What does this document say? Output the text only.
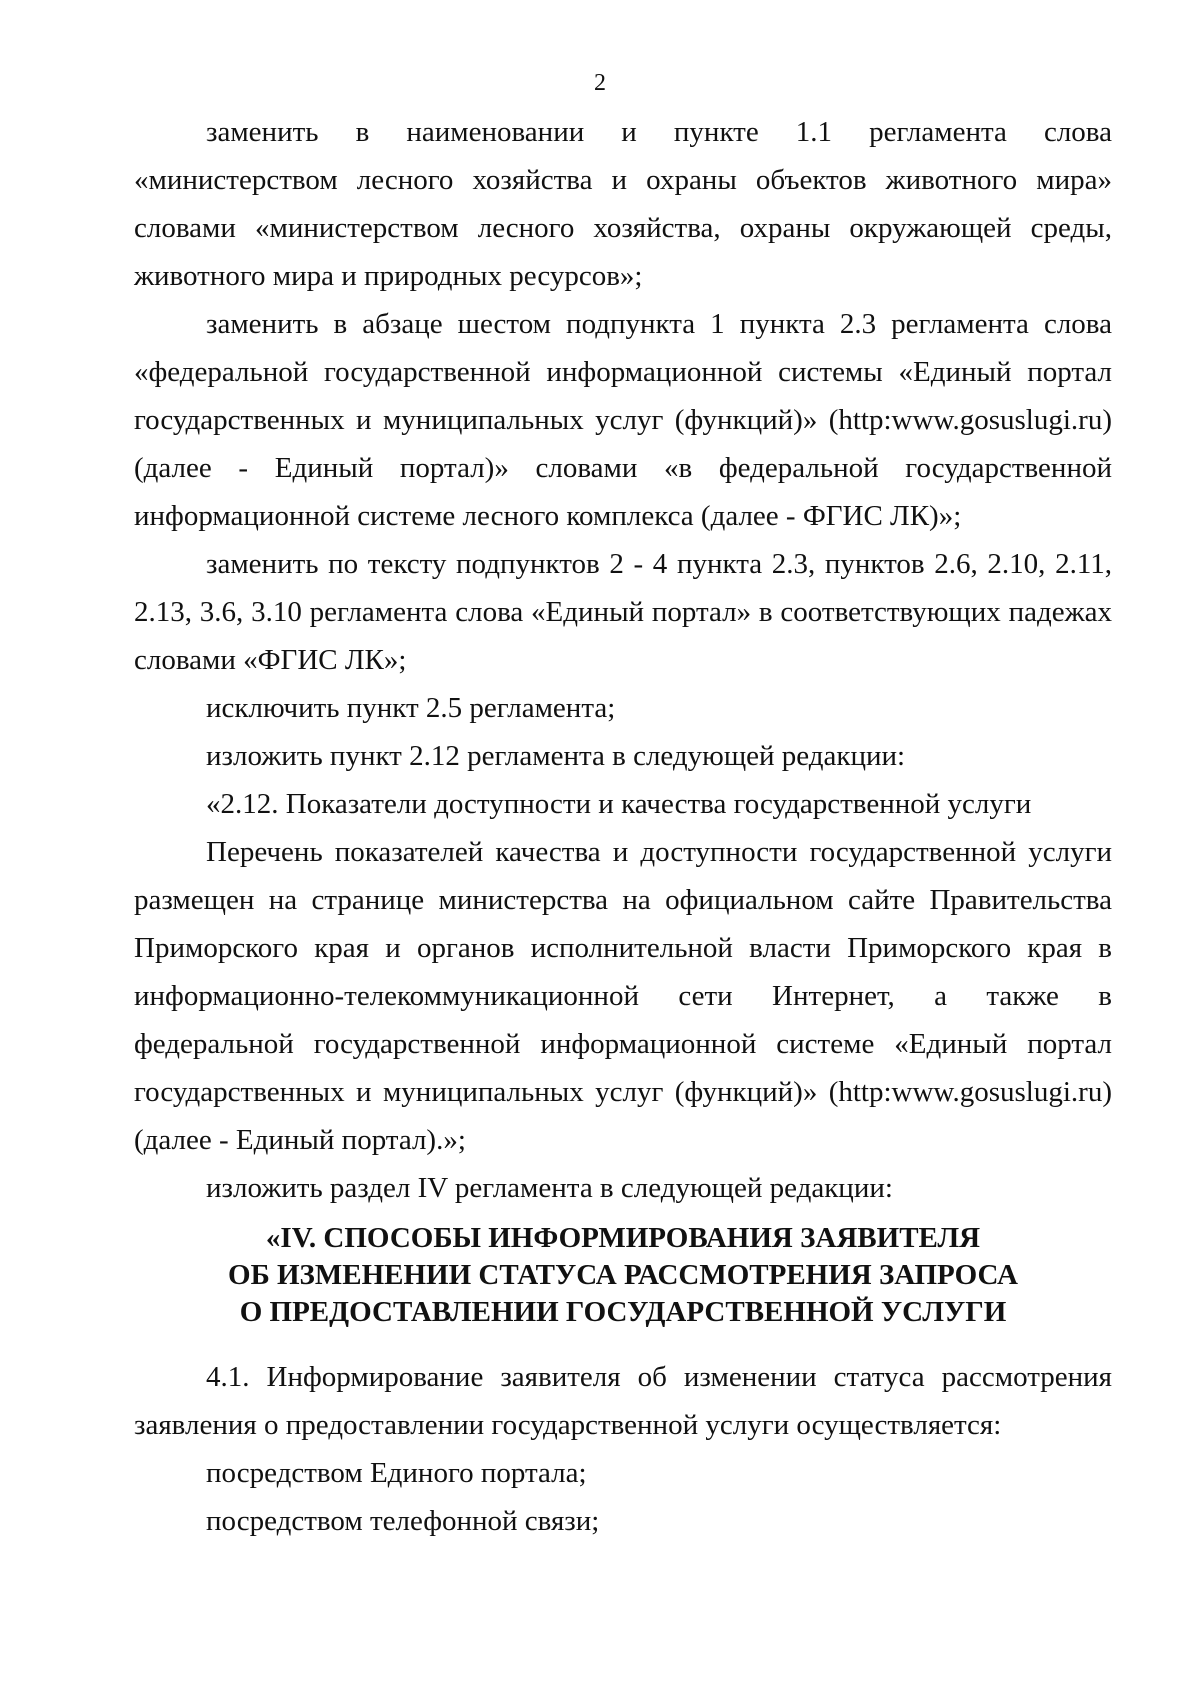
2

заменить в наименовании и пункте 1.1 регламента слова «министерством лесного хозяйства и охраны объектов животного мира» словами «министерством лесного хозяйства, охраны окружающей среды, животного мира и природных ресурсов»;

заменить в абзаце шестом подпункта 1 пункта 2.3 регламента слова «федеральной государственной информационной системы «Единый портал государственных и муниципальных услуг (функций)» (http:www.gosuslugi.ru) (далее - Единый портал)» словами «в федеральной государственной информационной системе лесного комплекса (далее - ФГИС ЛК)»;

заменить по тексту подпунктов 2 - 4 пункта 2.3, пунктов 2.6, 2.10, 2.11, 2.13, 3.6, 3.10 регламента слова «Единый портал» в соответствующих падежах словами «ФГИС ЛК»;

исключить пункт 2.5 регламента;

изложить пункт 2.12 регламента в следующей редакции:

«2.12. Показатели доступности и качества государственной услуги

Перечень показателей качества и доступности государственной услуги размещен на странице министерства на официальном сайте Правительства Приморского края и органов исполнительной власти Приморского края в информационно-телекоммуникационной сети Интернет, а также в федеральной государственной информационной системе «Единый портал государственных и муниципальных услуг (функций)» (http:www.gosuslugi.ru) (далее - Единый портал).»;

изложить раздел IV регламента в следующей редакции:

«IV. СПОСОБЫ ИНФОРМИРОВАНИЯ ЗАЯВИТЕЛЯ
ОБ ИЗМЕНЕНИИ СТАТУСА РАССМОТРЕНИЯ ЗАПРОСА
О ПРЕДОСТАВЛЕНИИ ГОСУДАРСТВЕННОЙ УСЛУГИ

4.1. Информирование заявителя об изменении статуса рассмотрения заявления о предоставлении государственной услуги осуществляется:

посредством Единого портала;

посредством телефонной связи;
